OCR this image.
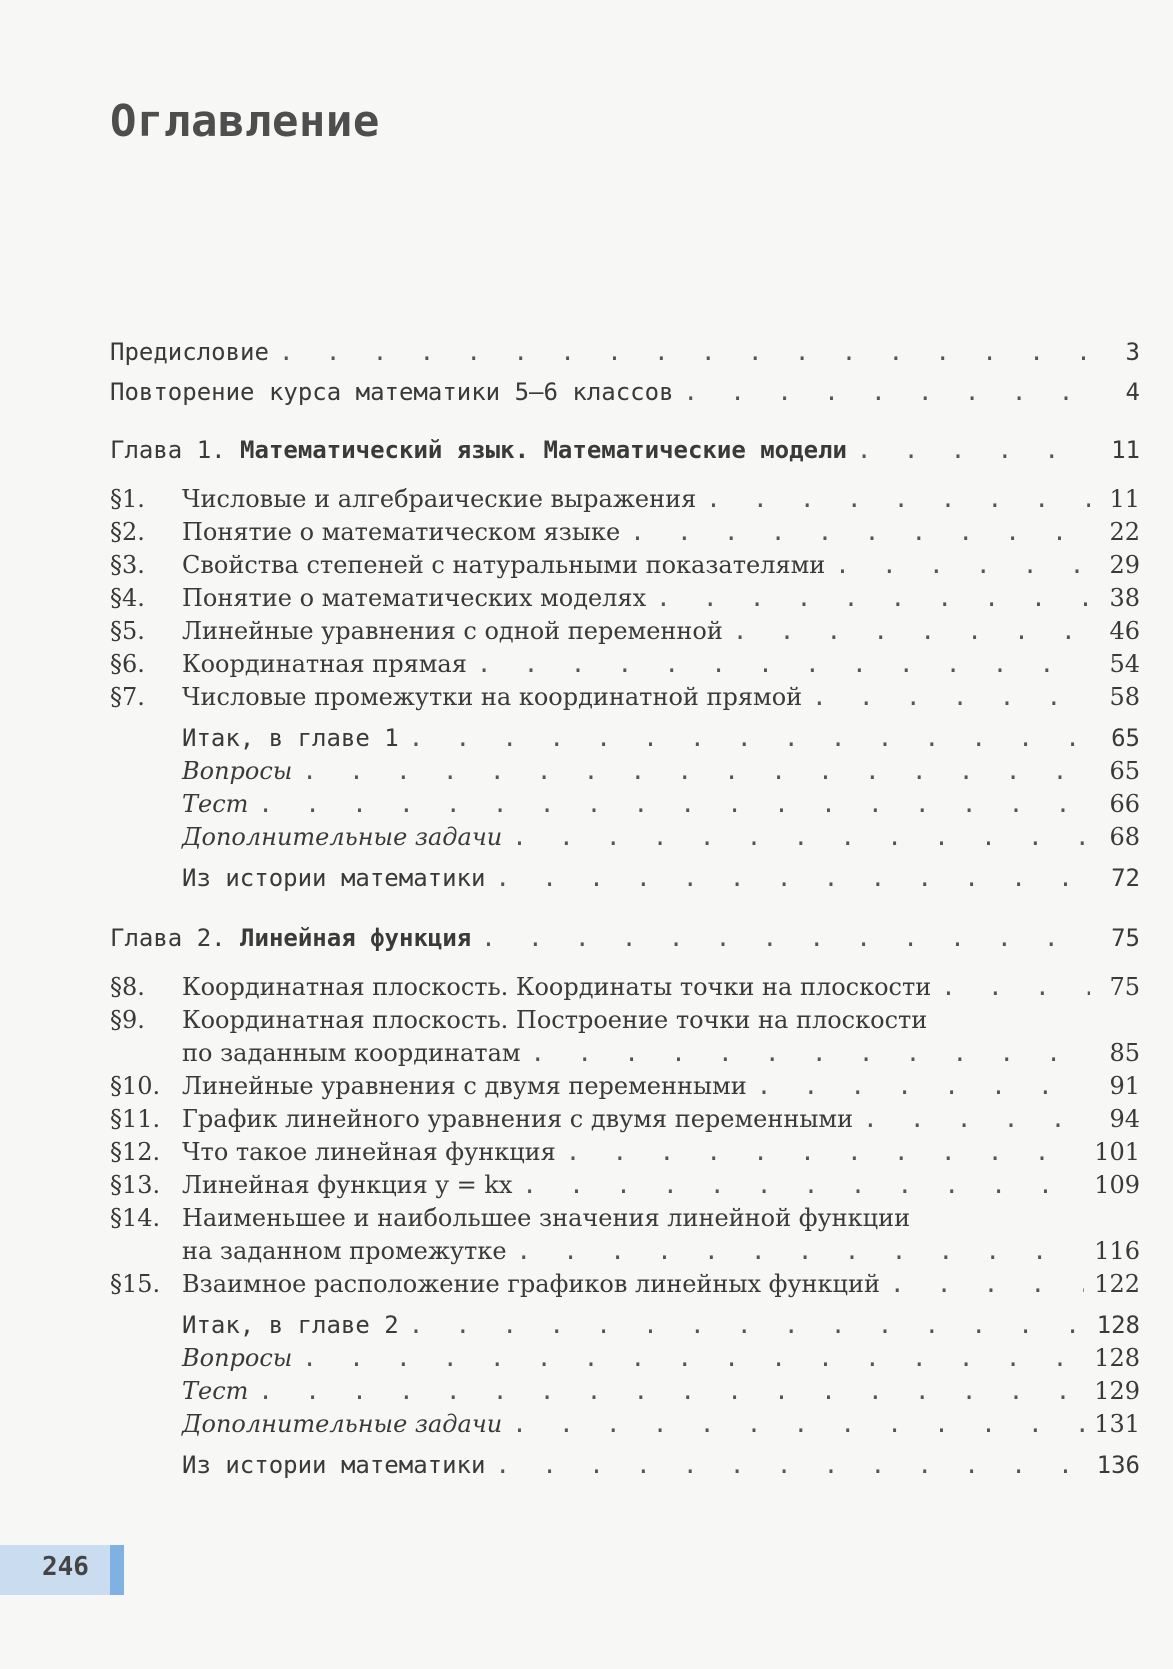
Оглавление
Предисловие . . .	3
Повторение курса математики 5—6 классов . . .	4
Глава 1. Математический язык. Математические модели . . .	11
§1.	Числовые и алгебраические выражения . . .	11
§2.	Понятие о математическом языке . . .	22
§3.	Свойства степеней с натуральными показателями . . .	29
§4.	Понятие о математических моделях . . .	38
§5.	Линейные уравнения с одной переменной . . .	46
§6.	Координатная прямая . . .	54
§7.	Числовые промежутки на координатной прямой . . .	58
Итак, в главе 1 . . .	65
Вопросы . . .	65
Тест . . .	66
Дополнительные задачи . . .	68
Из истории математики . . .	72
Глава 2. Линейная функция . . .	75
§8.	Координатная плоскость. Координаты точки на плоскости . . .	75
§9.	Координатная плоскость. Построение точки на плоскости
по заданным координатам . . .	85
§10. Линейные уравнения с двумя переменными . . .	91
§11. График линейного уравнения с двумя переменными . . .	94
§12. Что такое линейная функция . . .	101
§13. Линейная функция y = kx . . .	109
§14. Наименьшее и наибольшее значения линейной функции
на заданном промежутке . . .	116
§15. Взаимное расположение графиков линейных функций . . .	122
Итак, в главе 2 . . .	128
Вопросы . . .	128
Тест . . .	129
Дополнительные задачи . . .	131
Из истории математики . . .	136
246
